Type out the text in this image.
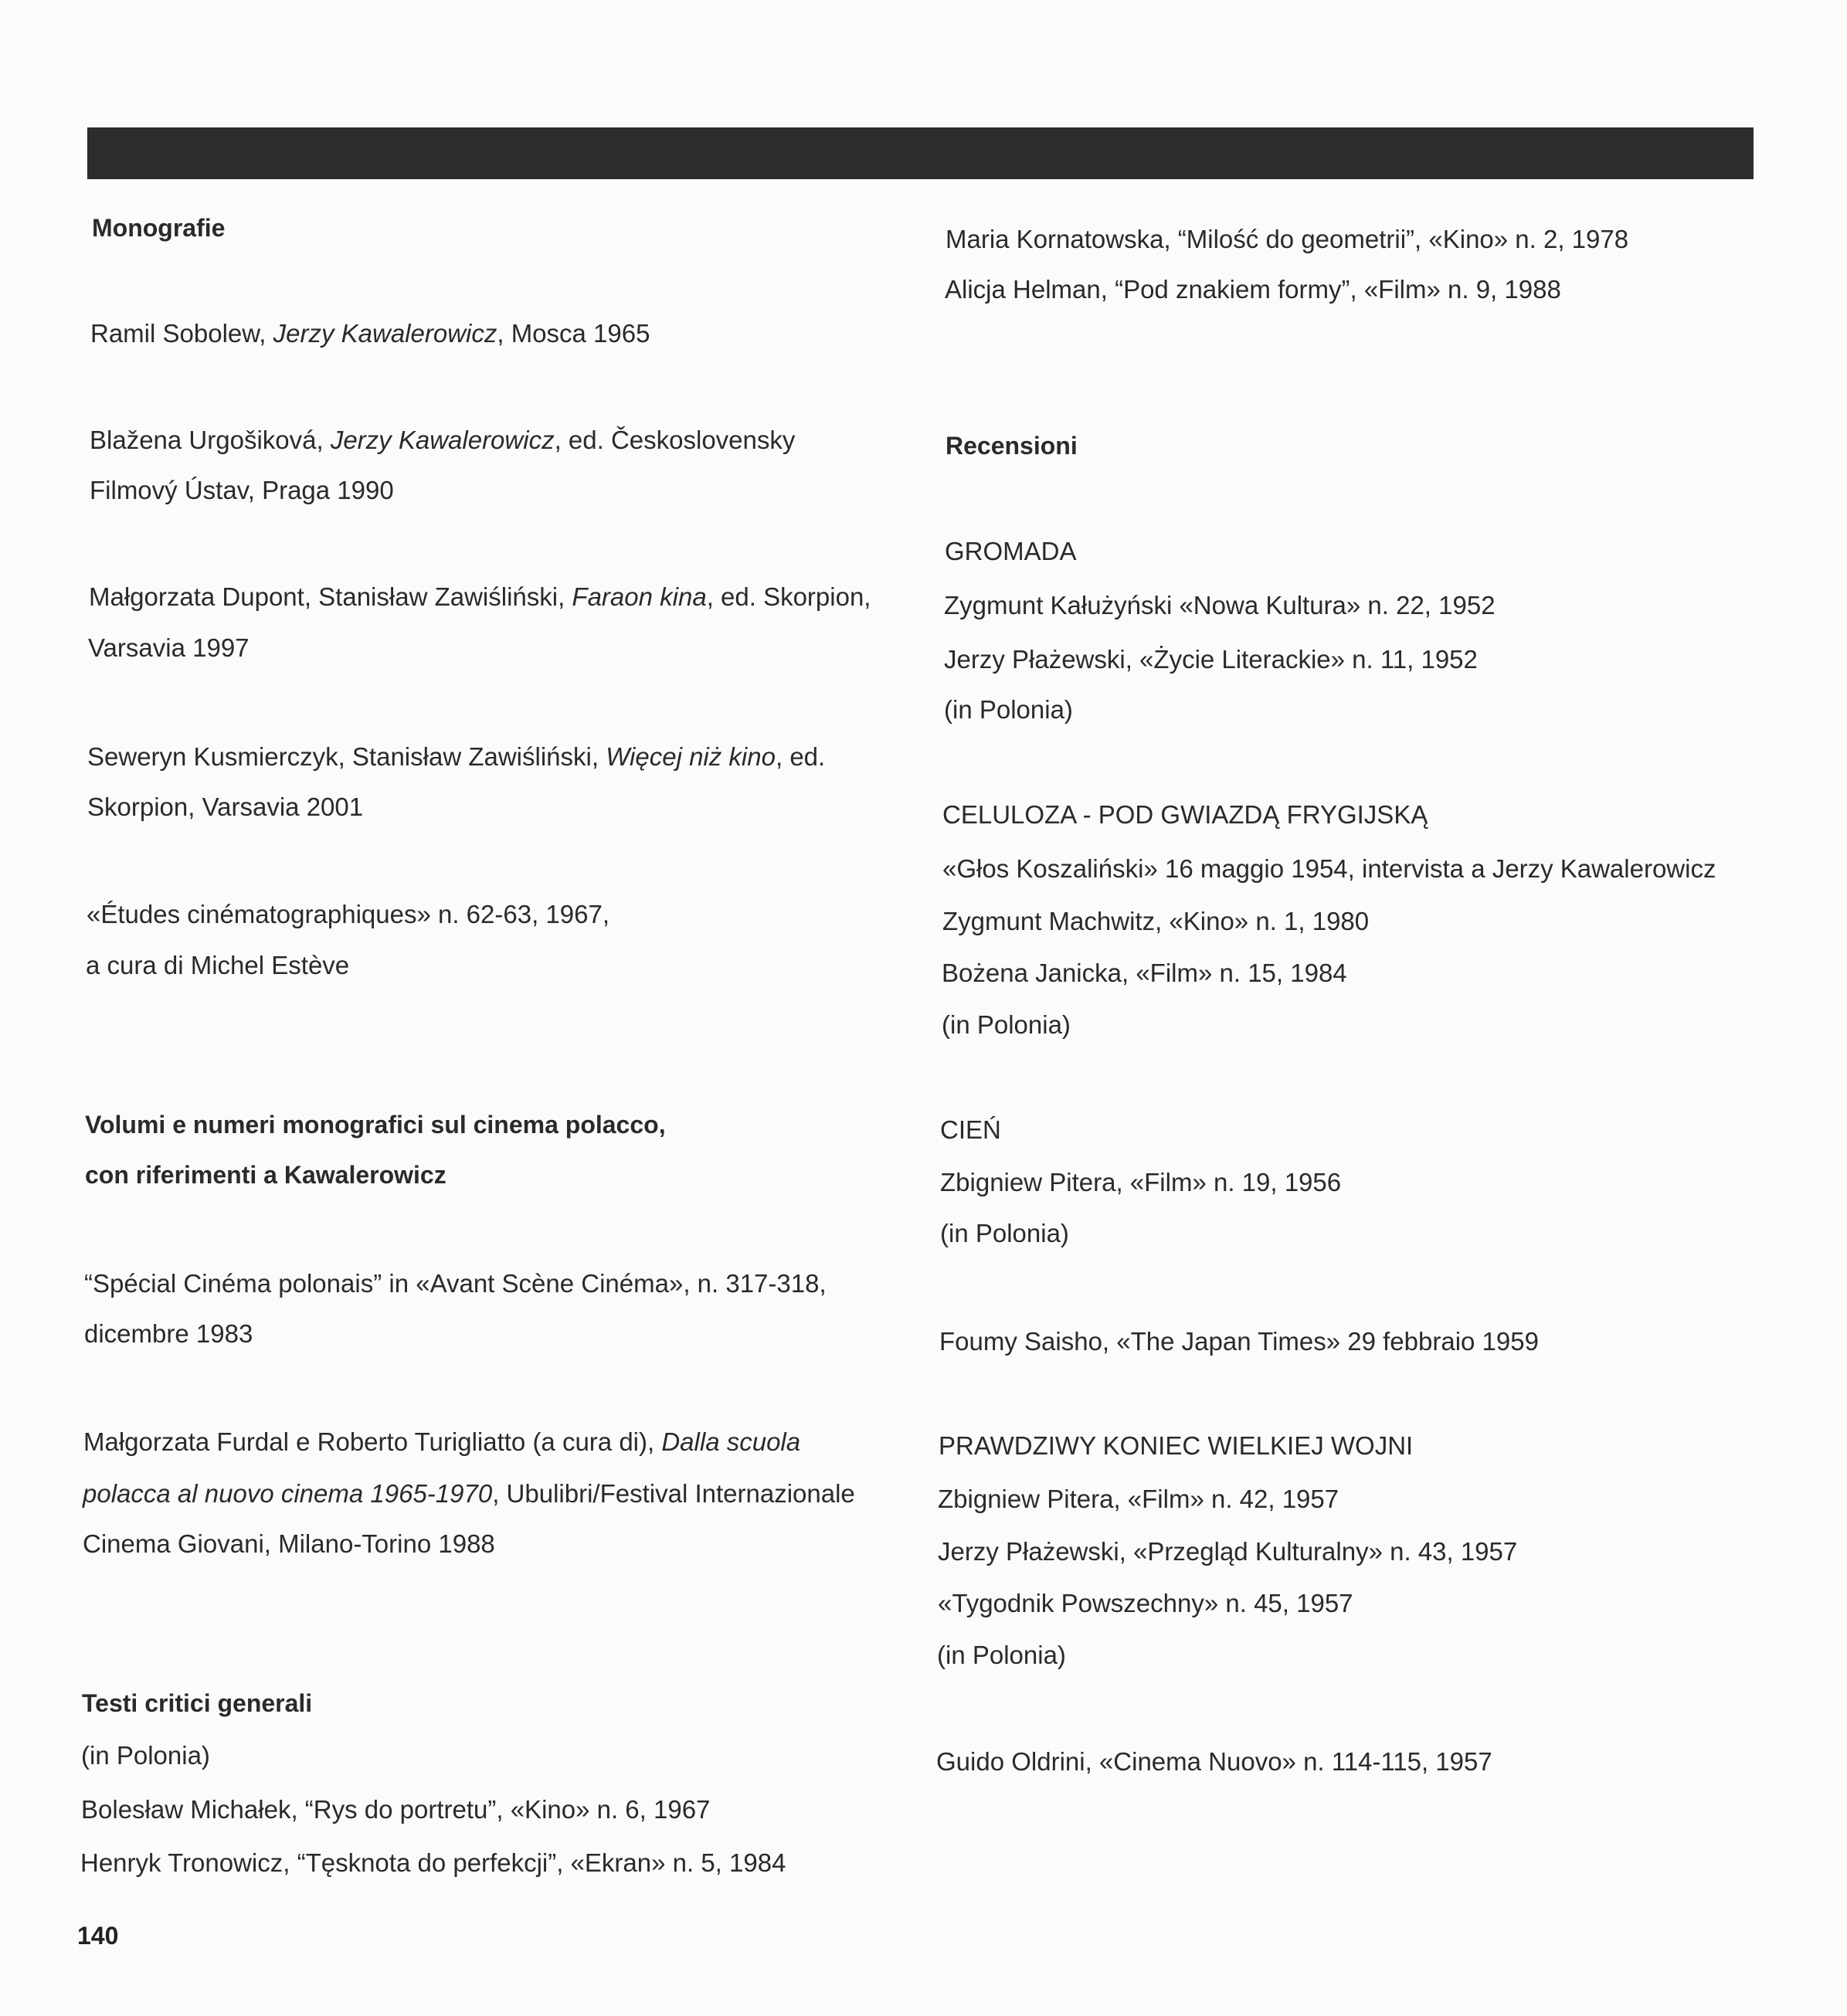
Monografie
Ramil Sobolew, Jerzy Kawalerowicz, Mosca 1965
Blažena Urgošiková, Jerzy Kawalerowicz, ed. Československy
Filmový Ústav, Praga 1990
Małgorzata Dupont, Stanisław Zawiśliński, Faraon kina, ed. Skorpion,
Varsavia 1997
Seweryn Kusmierczyk, Stanisław Zawiśliński, Więcej niż kino, ed.
Skorpion, Varsavia 2001
«Études cinématographiques» n. 62-63, 1967,
a cura di Michel Estève
Volumi e numeri monografici sul cinema polacco,
con riferimenti a Kawalerowicz
“Spécial Cinéma polonais” in «Avant Scène Cinéma», n. 317-318,
dicembre 1983
Małgorzata Furdal e Roberto Turigliatto (a cura di), Dalla scuola
polacca al nuovo cinema 1965-1970, Ubulibri/Festival Internazionale
Cinema Giovani, Milano-Torino 1988
Testi critici generali
(in Polonia)
Bolesław Michałek, “Rys do portretu”, «Kino» n. 6, 1967
Henryk Tronowicz, “Tęsknota do perfekcji”, «Ekran» n. 5, 1984
Maria Kornatowska, “Milość do geometrii”, «Kino» n. 2, 1978
Alicja Helman, “Pod znakiem formy”, «Film» n. 9, 1988
Recensioni
GROMADA
Zygmunt Kałużyński «Nowa Kultura» n. 22, 1952
Jerzy Płażewski, «Życie Literackie» n. 11, 1952
(in Polonia)
CELULOZA - POD GWIAZDĄ FRYGIJSKĄ
«Głos Koszaliński» 16 maggio 1954, intervista a Jerzy Kawalerowicz
Zygmunt Machwitz, «Kino» n. 1, 1980
Bożena Janicka, «Film» n. 15, 1984
(in Polonia)
CIEŃ
Zbigniew Pitera, «Film» n. 19, 1956
(in Polonia)
Foumy Saisho, «The Japan Times» 29 febbraio 1959
PRAWDZIWY KONIEC WIELKIEJ WOJNI
Zbigniew Pitera, «Film» n. 42, 1957
Jerzy Płażewski, «Przegląd Kulturalny» n. 43, 1957
«Tygodnik Powszechny» n. 45, 1957
(in Polonia)
Guido Oldrini, «Cinema Nuovo» n. 114-115, 1957
140
